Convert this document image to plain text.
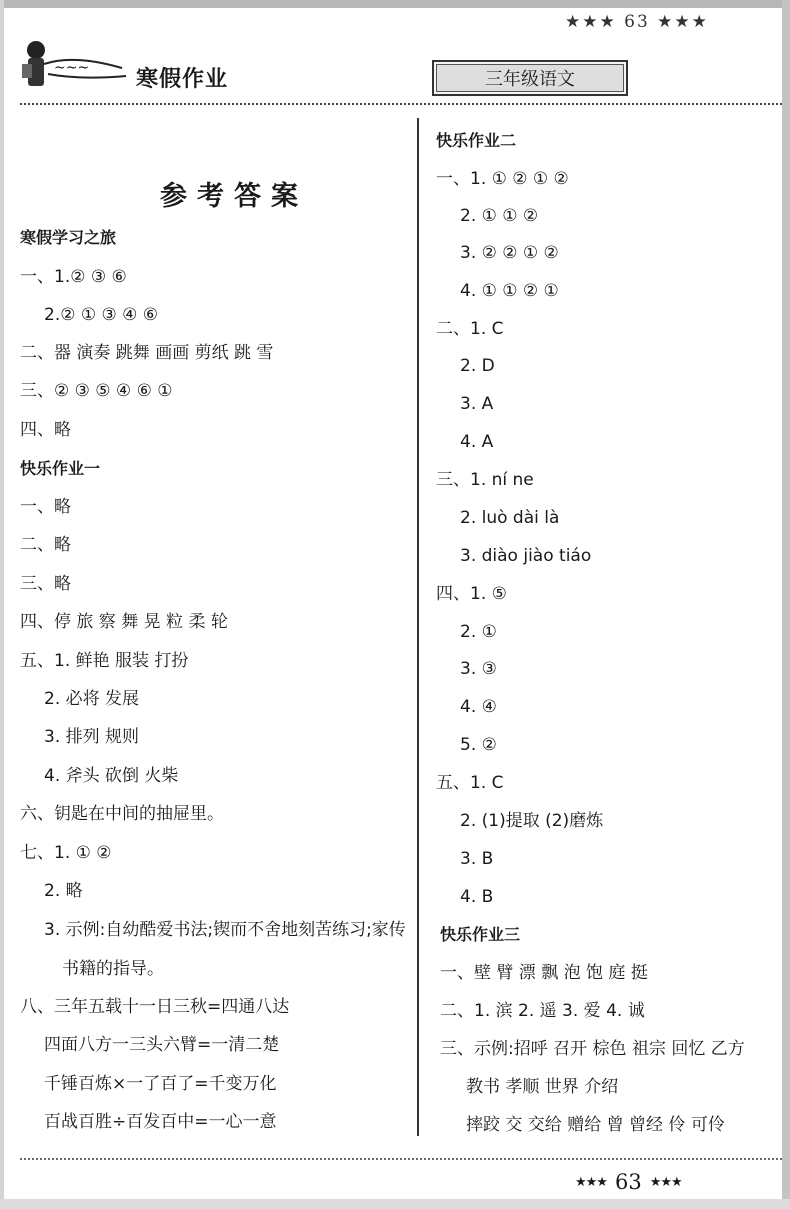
★★★ 63 ★★★
~~~ 寒假作业	三年级语文
参考答案
寒假学习之旅
一、1.② ③ ⑥
2.② ① ③ ④ ⑥
二、器 演奏 跳舞 画画 剪纸 跳 雪
三、② ③ ⑤ ④ ⑥ ①
四、略
快乐作业一
一、略
二、略
三、略
四、停 旅 察 舞 晃 粒 柔 轮
五、1. 鲜艳 服装 打扮
2. 必将 发展
3. 排列 规则
4. 斧头 砍倒 火柴
六、钥匙在中间的抽屉里。
七、1. ① ②
2. 略
3. 示例:自幼酷爱书法;锲而不舍地刻苦练习;家传
书籍的指导。
八、三年五载十一日三秋=四通八达
四面八方一三头六臂=一清二楚
千锤百炼×一了百了=千变万化
百战百胜÷百发百中=一心一意
快乐作业二
一、1. ① ② ① ②
2. ① ① ②
3. ② ② ① ②
4. ① ① ② ①
二、1. C
2. D
3. A
4. A
三、1. ní ne
2. luò dài là
3. diào jiào tiáo
四、1. ⑤
2. ①
3. ③
4. ④
5. ②
五、1. C
2. (1)提取 (2)磨炼
3. B
4. B
快乐作业三
一、壁 臂 漂 飘 泡 饱 庭 挺
二、1. 滨 2. 遥 3. 爱 4. 诚
三、示例:招呼 召开 棕色 祖宗 回忆 乙方
教书 孝顺 世界 介绍
摔跤 交 交给 赠给 曾 曾经 伶 可伶
★★★ 63 ★★★
